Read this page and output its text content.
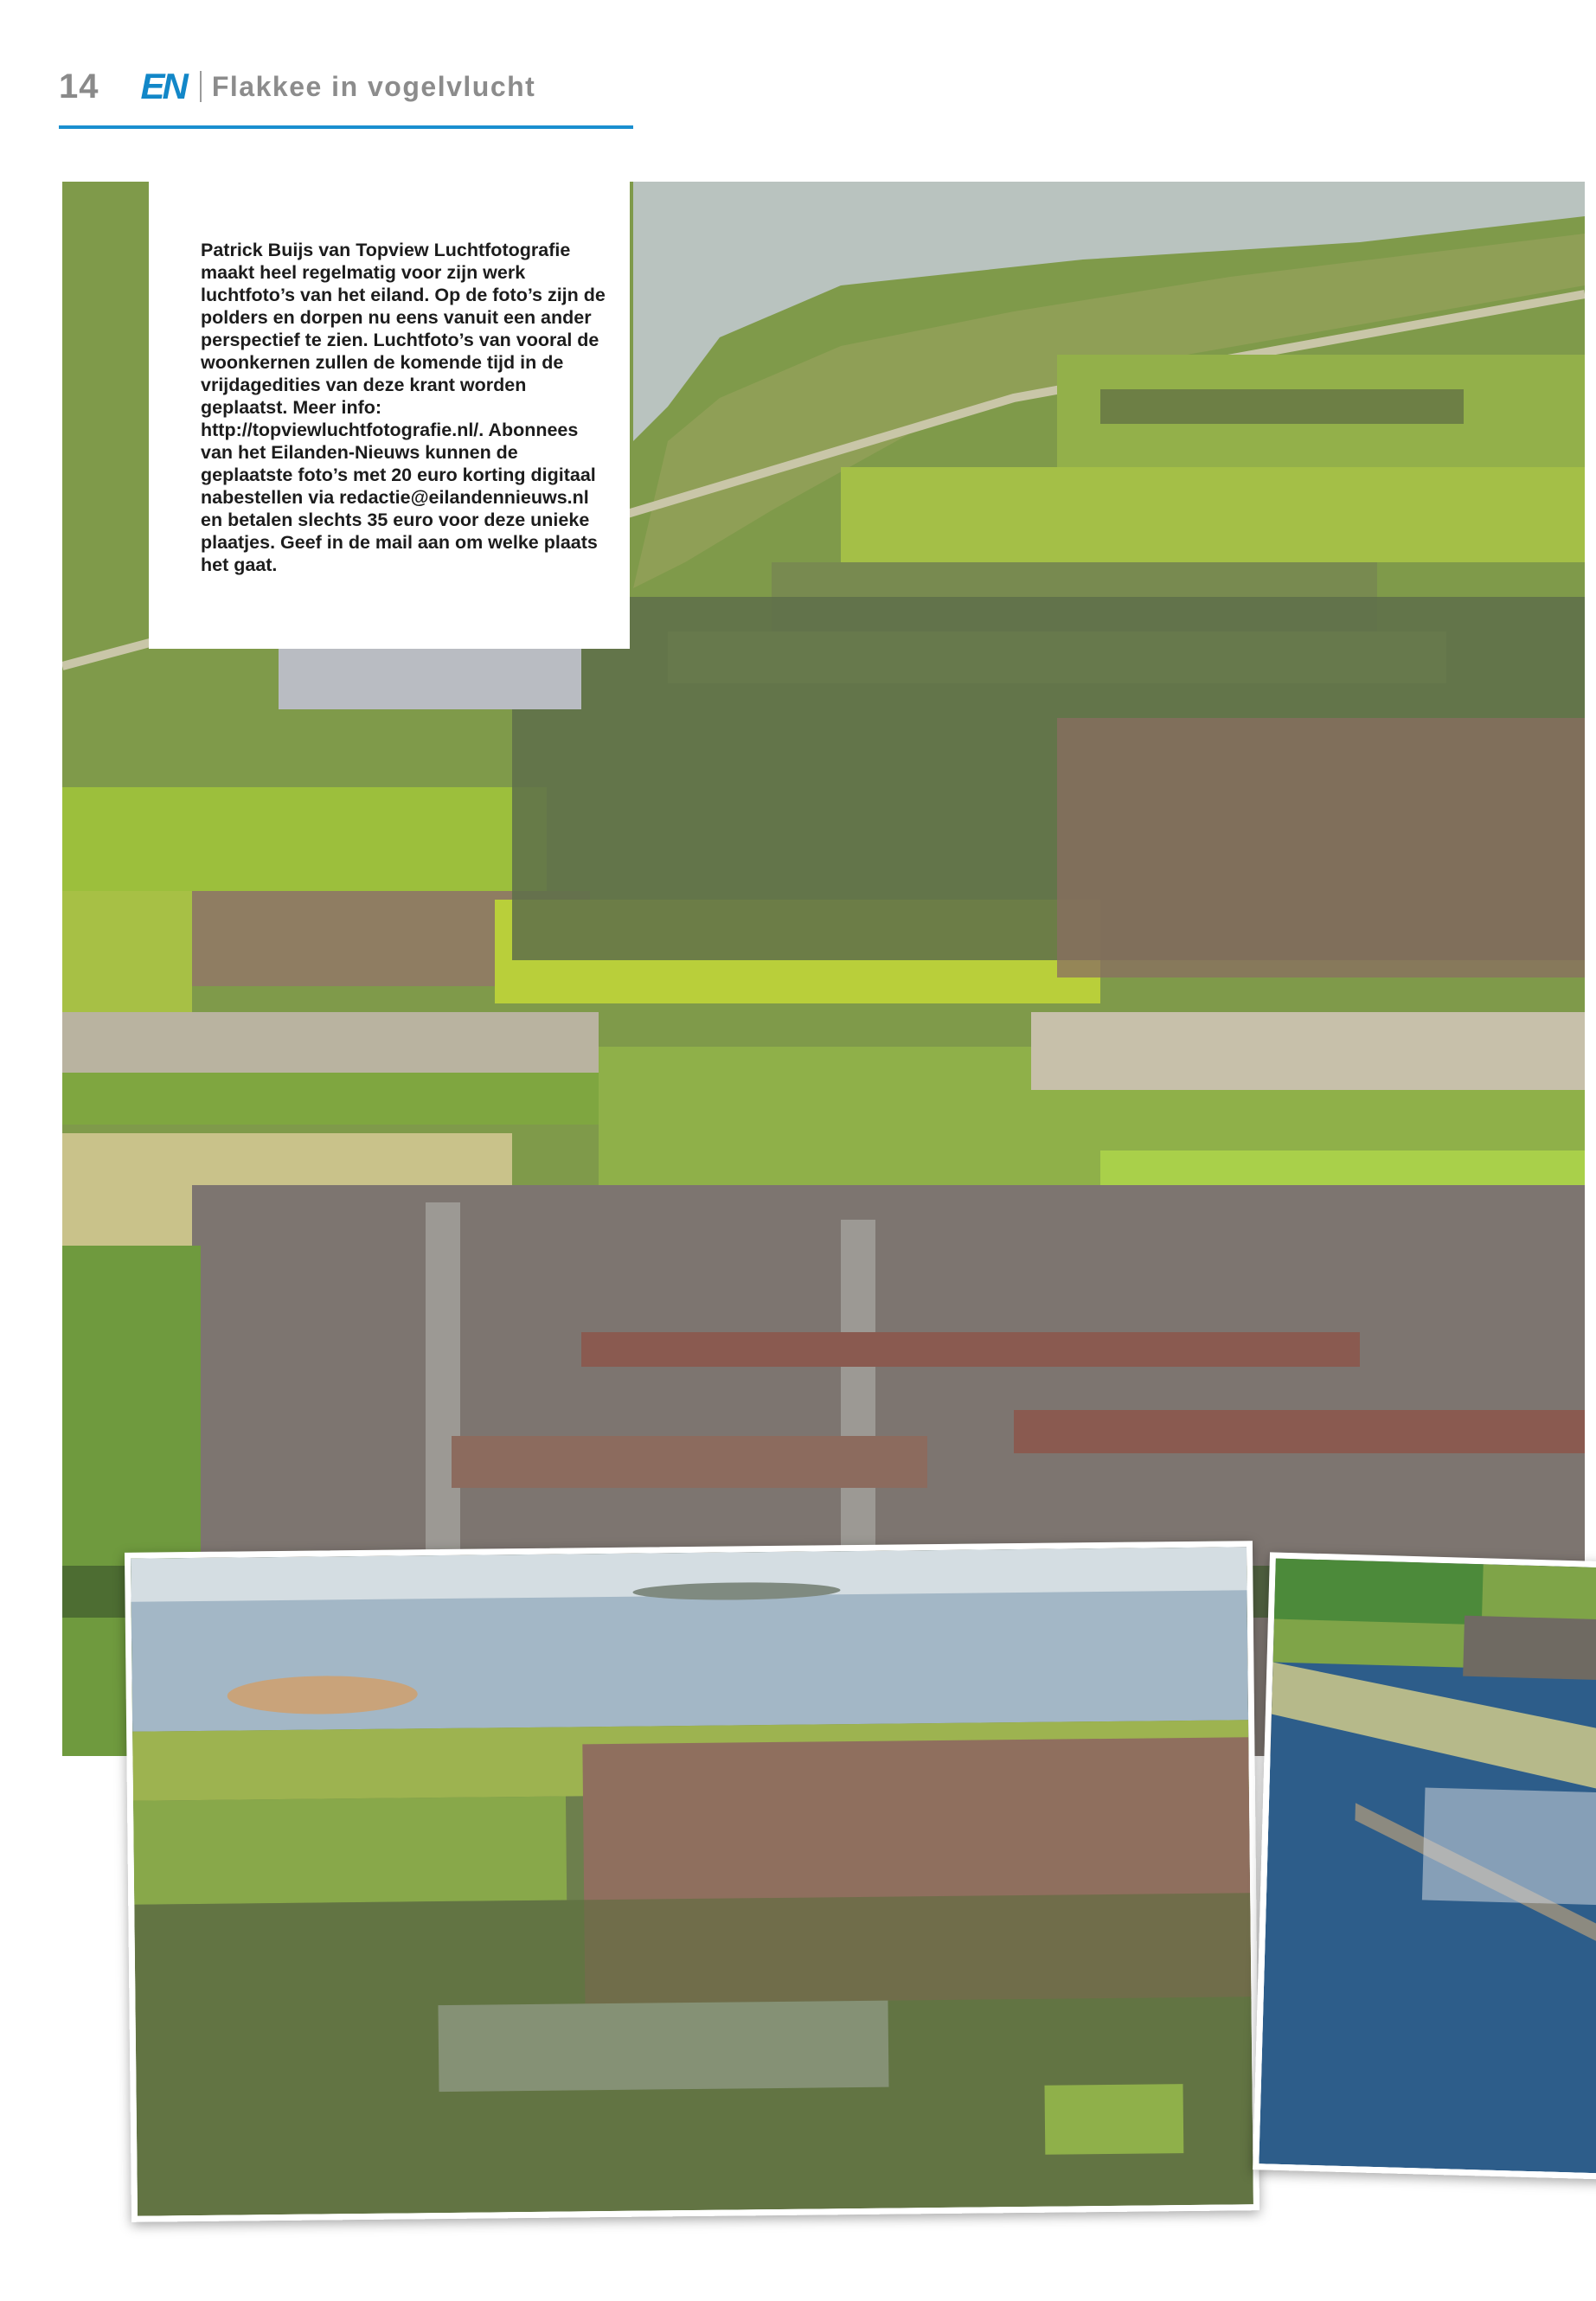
14 EN Flakkee in vogelvlucht

Patrick Buijs van Topview Luchtfotografie maakt heel regelmatig voor zijn werk luchtfoto’s van het eiland. Op de foto’s zijn de polders en dorpen nu eens vanuit een ander perspectief te zien. Luchtfoto’s van vooral de woonkernen zullen de komende tijd in de vrijdagedities van deze krant worden geplaatst. Meer info: http://topviewluchtfotografie.nl/. Abonnees van het Eilanden-Nieuws kunnen de geplaatste foto’s met 20 euro korting digitaal nabestellen via redactie@eilandennieuws.nl en betalen slechts 35 euro voor deze unieke plaatjes. Geef in de mail aan om welke plaats het gaat.
